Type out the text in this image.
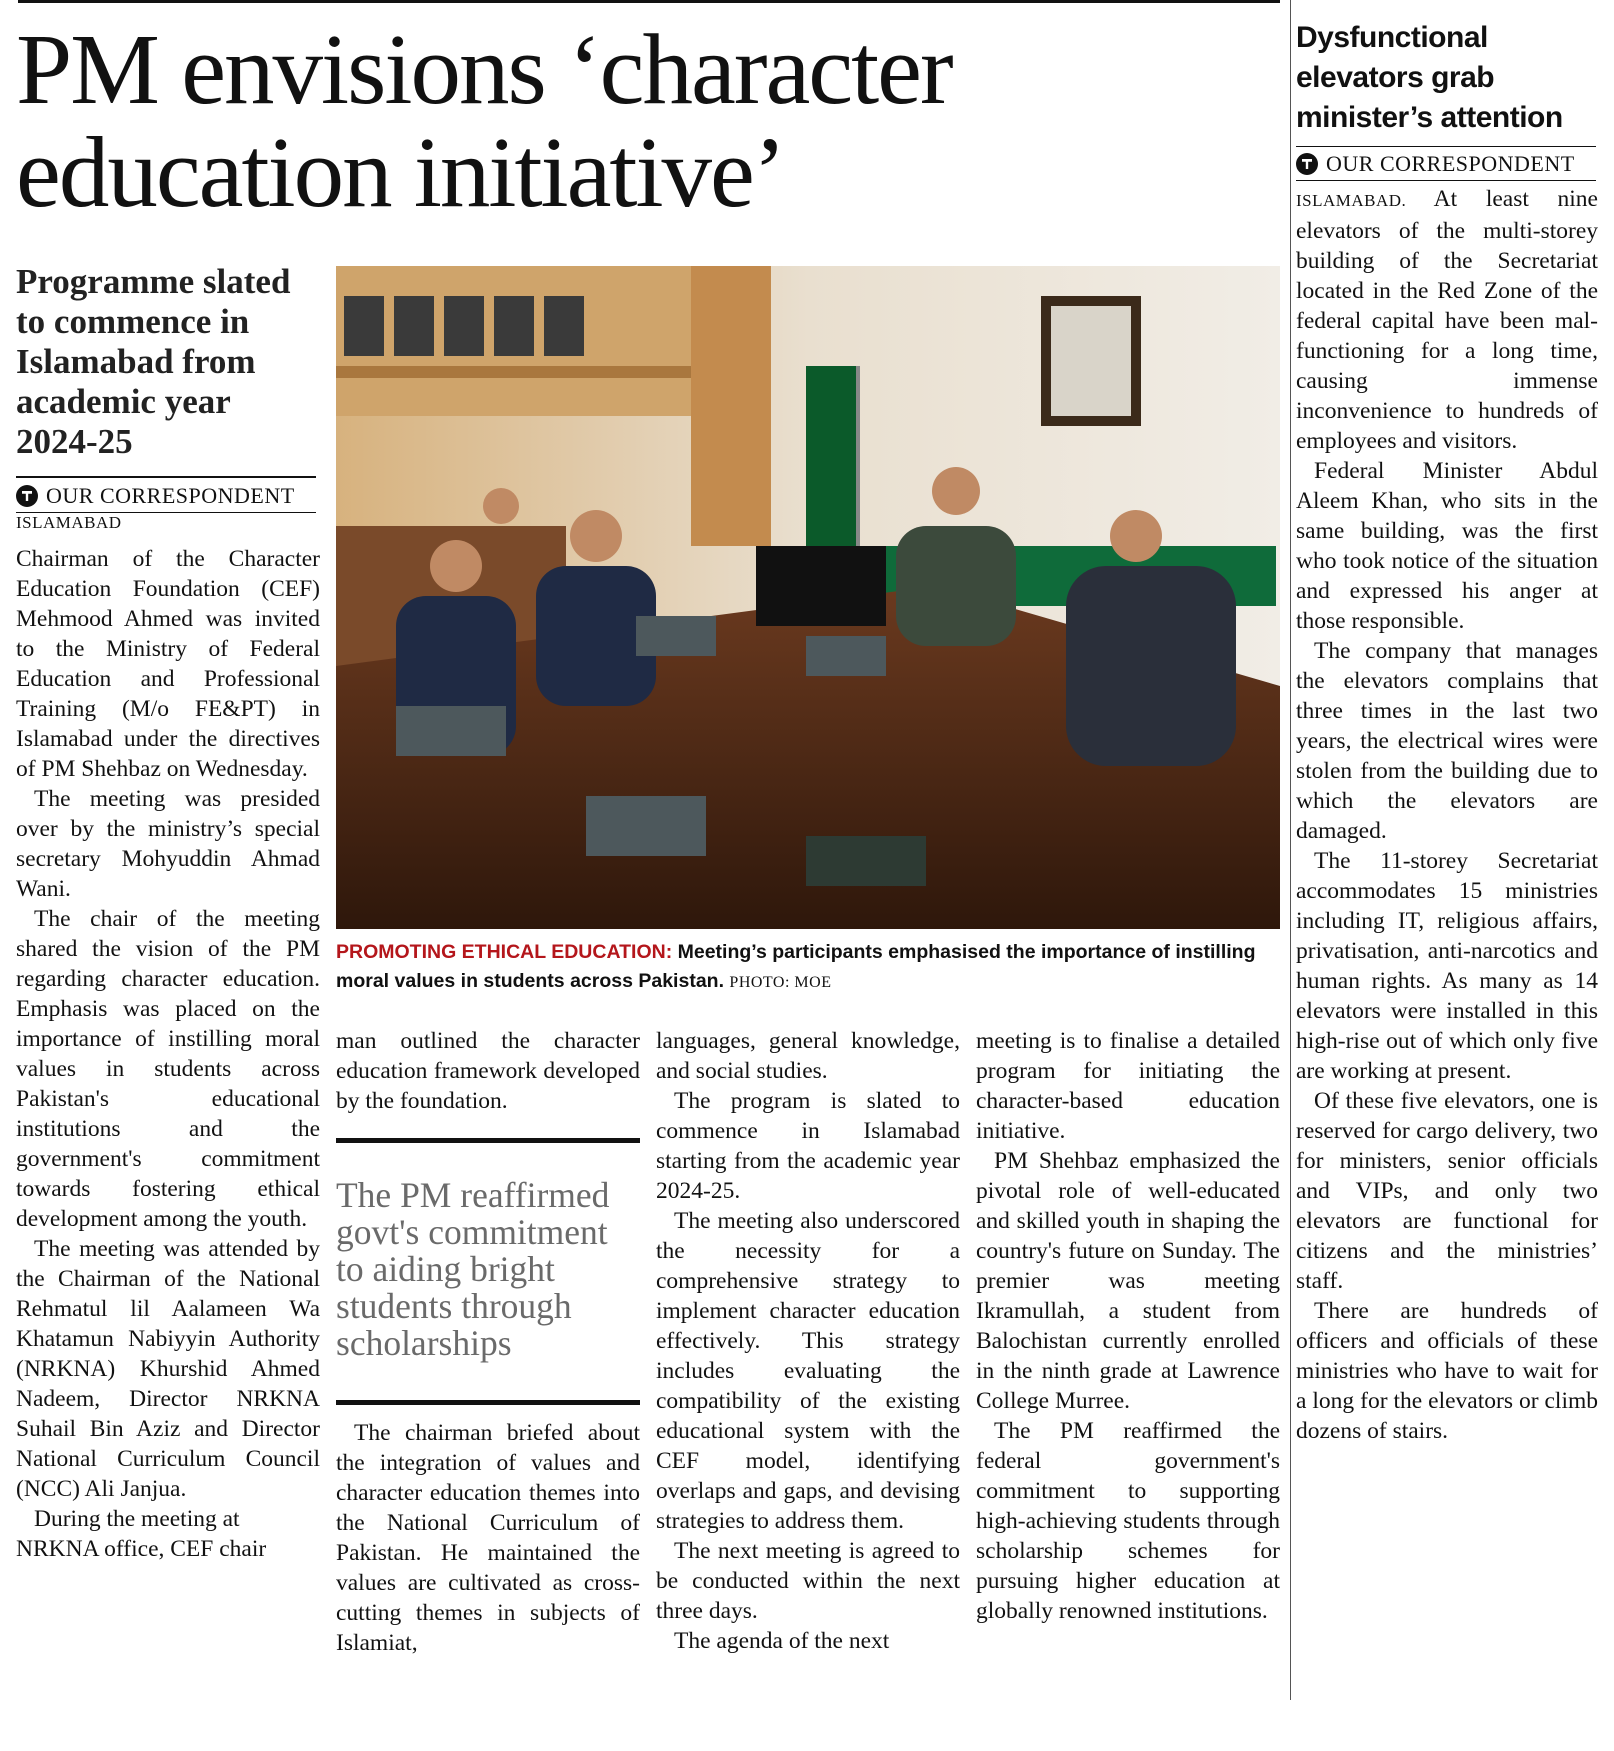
PM envisions ‘character education initiative’
Programme slated to commence in Islamabad from academic year 2024-25
OUR CORRESPONDENT
ISLAMABAD

Chairman of the Character Education Foundation (CEF) Mehmood Ahmed was invited to the Ministry of Federal Education and Professional Training (M/o FE&PT) in Islamabad under the directives of PM Shehbaz on Wednesday.

The meeting was presided over by the ministry’s special secretary Mohyuddin Ahmad Wani.

The chair of the meeting shared the vision of the PM regarding character education. Emphasis was placed on the importance of instilling moral values in students across Pakistan's educational institutions and the government's commitment towards fostering ethical development among the youth.

The meeting was attended by the Chairman of the National Rehmatul lil Aalameen Wa Khatamun Nabiyyin Authority (NRKNA) Khurshid Ahmed Nadeem, Director NRKNA Suhail Bin Aziz and Director National Curriculum Council (NCC) Ali Janjua.

During the meeting at NRKNA office, CEF chair

PROMOTING ETHICAL EDUCATION: Meeting’s participants emphasised the importance of instilling moral values in students across Pakistan. PHOTO: MOE

man outlined the character education framework developed by the foundation.

The PM reaffirmed govt's commitment to aiding bright students through scholarships

The chairman briefed about the integration of values and character education themes into the National Curriculum of Pakistan. He maintained the values are cultivated as cross-cutting themes in subjects of Islamiat,

languages, general knowledge, and social studies.

The program is slated to commence in Islamabad starting from the academic year 2024-25.

The meeting also underscored the necessity for a comprehensive strategy to implement character education effectively. This strategy includes evaluating the compatibility of the existing educational system with the CEF model, identifying overlaps and gaps, and devising strategies to address them.

The next meeting is agreed to be conducted within the next three days.

The agenda of the next

meeting is to finalise a detailed program for initiating the character-based education initiative.

PM Shehbaz emphasized the pivotal role of well-educated and skilled youth in shaping the country's future on Sunday. The premier was meeting Ikramullah, a student from Balochistan currently enrolled in the ninth grade at Lawrence College Murree.

The PM reaffirmed the federal government's commitment to supporting high-achieving students through scholarship schemes for pursuing higher education at globally renowned institutions.

Dysfunctional elevators grab minister’s attention
OUR CORRESPONDENT

ISLAMABAD. At least nine elevators of the multi-storey building of the Secretariat located in the Red Zone of the federal capital have been malfunctioning for a long time, causing immense inconvenience to hundreds of employees and visitors.

Federal Minister Abdul Aleem Khan, who sits in the same building, was the first who took notice of the situation and expressed his anger at those responsible.

The company that manages the elevators complains that three times in the last two years, the electrical wires were stolen from the building due to which the elevators are damaged.

The 11-storey Secretariat accommodates 15 ministries including IT, religious affairs, privatisation, anti-narcotics and human rights. As many as 14 elevators were installed in this high-rise out of which only five are working at present.

Of these five elevators, one is reserved for cargo delivery, two for ministers, senior officials and VIPs, and only two elevators are functional for citizens and the ministries’ staff.

There are hundreds of officers and officials of these ministries who have to wait for a long for the elevators or climb dozens of stairs.
